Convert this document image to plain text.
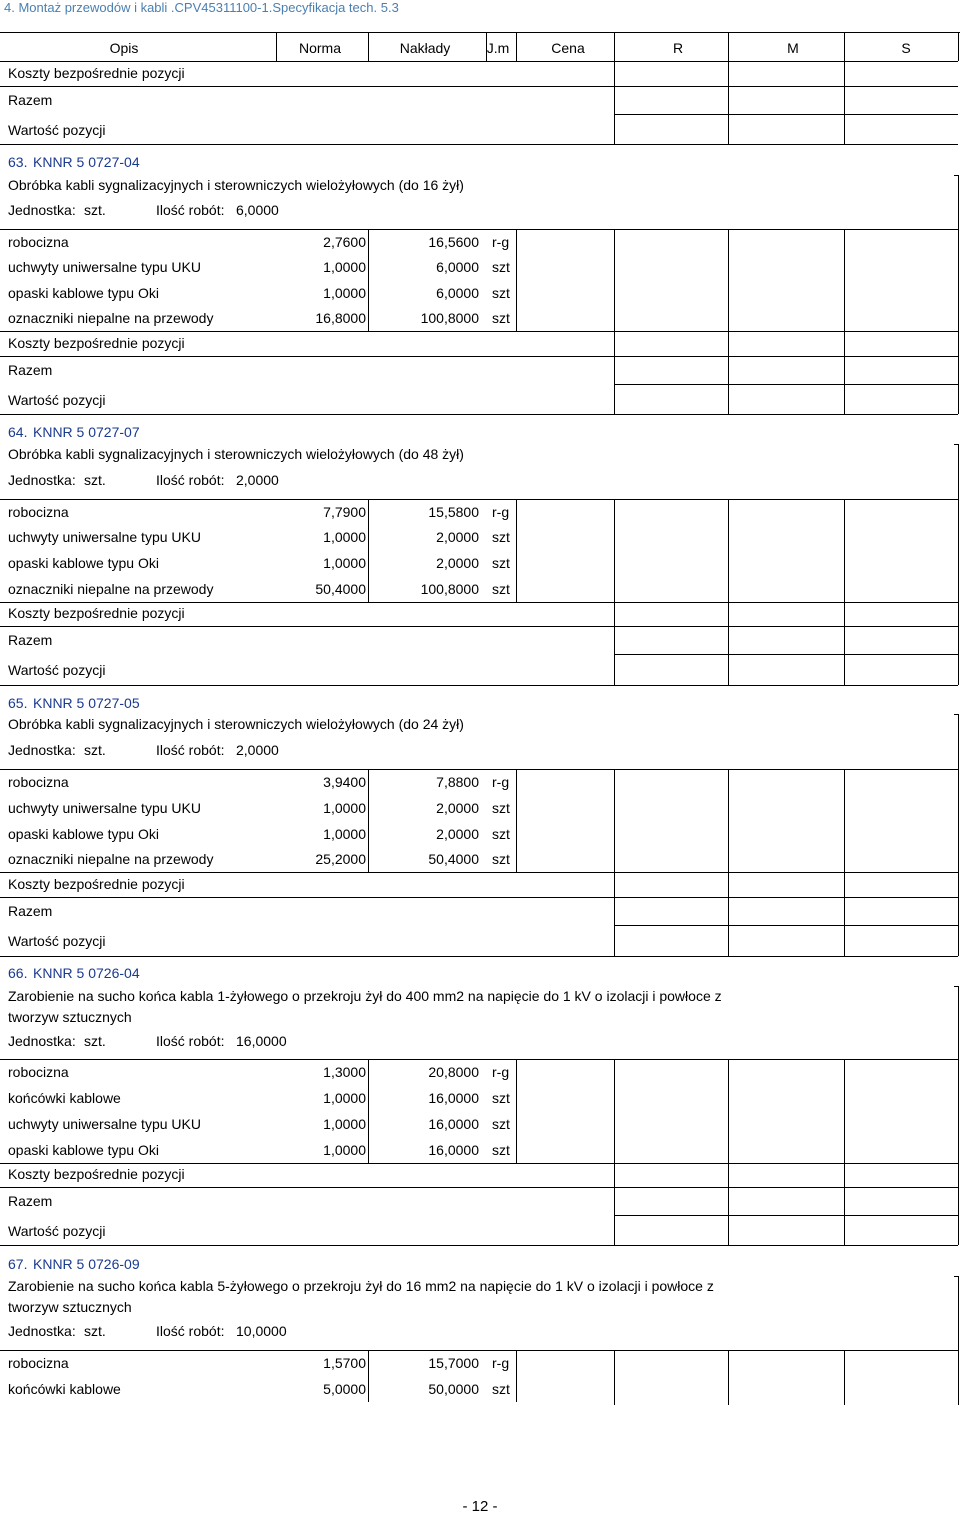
4. Montaż przewodów i kabli .CPV45311100-1.Specyfikacja tech. 5.3
Opis	Norma	Nakłady	J.m	Cena	R	M	S
Koszty bezpośrednie pozycji
Razem
Wartość pozycji
63. KNNR 5 0727-04
Obróbka kabli sygnalizacyjnych i sterowniczych wielożyłowych (do 16 żył)
Jednostka: szt.	Ilość robót: 6,0000
robocizna	2,7600	16,5600 r-g
uchwyty uniwersalne typu UKU	1,0000	6,0000 szt
opaski kablowe typu Oki	1,0000	6,0000 szt
oznaczniki niepalne na przewody	16,8000	100,8000 szt
Koszty bezpośrednie pozycji
Razem
Wartość pozycji
64. KNNR 5 0727-07
Obróbka kabli sygnalizacyjnych i sterowniczych wielożyłowych (do 48 żył)
Jednostka: szt.	Ilość robót: 2,0000
robocizna	7,7900	15,5800 r-g
uchwyty uniwersalne typu UKU	1,0000	2,0000 szt
opaski kablowe typu Oki	1,0000	2,0000 szt
oznaczniki niepalne na przewody	50,4000	100,8000 szt
Koszty bezpośrednie pozycji
Razem
Wartość pozycji
65. KNNR 5 0727-05
Obróbka kabli sygnalizacyjnych i sterowniczych wielożyłowych (do 24 żył)
Jednostka: szt.	Ilość robót: 2,0000
robocizna	3,9400	7,8800 r-g
uchwyty uniwersalne typu UKU	1,0000	2,0000 szt
opaski kablowe typu Oki	1,0000	2,0000 szt
oznaczniki niepalne na przewody	25,2000	50,4000 szt
Koszty bezpośrednie pozycji
Razem
Wartość pozycji
66. KNNR 5 0726-04
Zarobienie na sucho końca kabla 1-żyłowego o przekroju żył do 400 mm2 na napięcie do 1 kV o izolacji i powłoce z
tworzyw sztucznych
Jednostka: szt.	Ilość robót: 16,0000
robocizna	1,3000	20,8000 r-g
końcówki kablowe	1,0000	16,0000 szt
uchwyty uniwersalne typu UKU	1,0000	16,0000 szt
opaski kablowe typu Oki	1,0000	16,0000 szt
Koszty bezpośrednie pozycji
Razem
Wartość pozycji
67. KNNR 5 0726-09
Zarobienie na sucho końca kabla 5-żyłowego o przekroju żył do 16 mm2 na napięcie do 1 kV o izolacji i powłoce z
tworzyw sztucznych
Jednostka: szt.	Ilość robót: 10,0000
robocizna	1,5700	15,7000 r-g
końcówki kablowe	5,0000	50,0000 szt
- 12 -
